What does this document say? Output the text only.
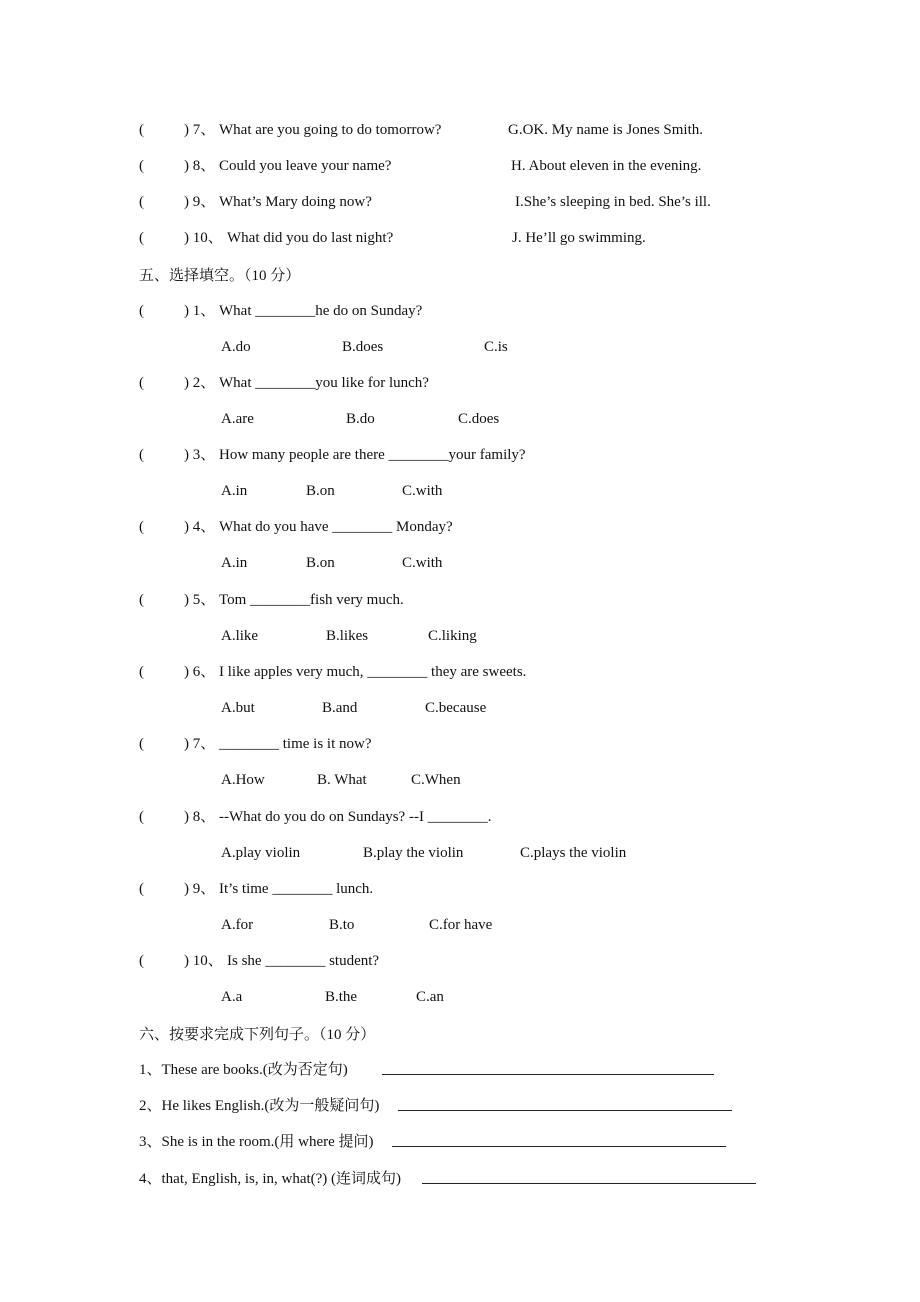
(	) 7、 What are you going to do tomorrow?	G.OK. My name is Jones Smith.
(	) 8、 Could you leave your name?	H. About eleven in the evening.
(	) 9、 What’s Mary doing now?	I.She’s sleeping in bed. She’s ill.
(	) 10、 What did you do last night?	J. He’ll go swimming.
五、选择填空。（10 分）
(	) 1、 What ________he do on Sunday?
A.do	B.does	C.is
(	) 2、 What ________you like for lunch?
A.are	B.do	C.does
(	) 3、 How many people are there ________your family?
A.in	B.on	C.with
(	) 4、 What do you have ________ Monday?
A.in	B.on	C.with
(	) 5、 Tom ________fish very much.
A.like	B.likes	C.liking
(	) 6、 I like apples very much, ________ they are sweets.
A.but	B.and	C.because
(	) 7、 ________ time is it now?
A.How	B. What	C.When
(	) 8、 --What do you do on Sundays? --I ________.
A.play violin	B.play the violin	C.plays the violin
(	) 9、 It’s time ________ lunch.
A.for	B.to	C.for have
(	) 10、 Is she ________ student?
A.a	B.the	C.an
六、按要求完成下列句子。（10 分）
1、These are books.(改为否定句)
2、He likes English.(改为一般疑问句)
3、She is in the room.(用 where 提问)
4、that, English, is, in, what(?) (连词成句)
